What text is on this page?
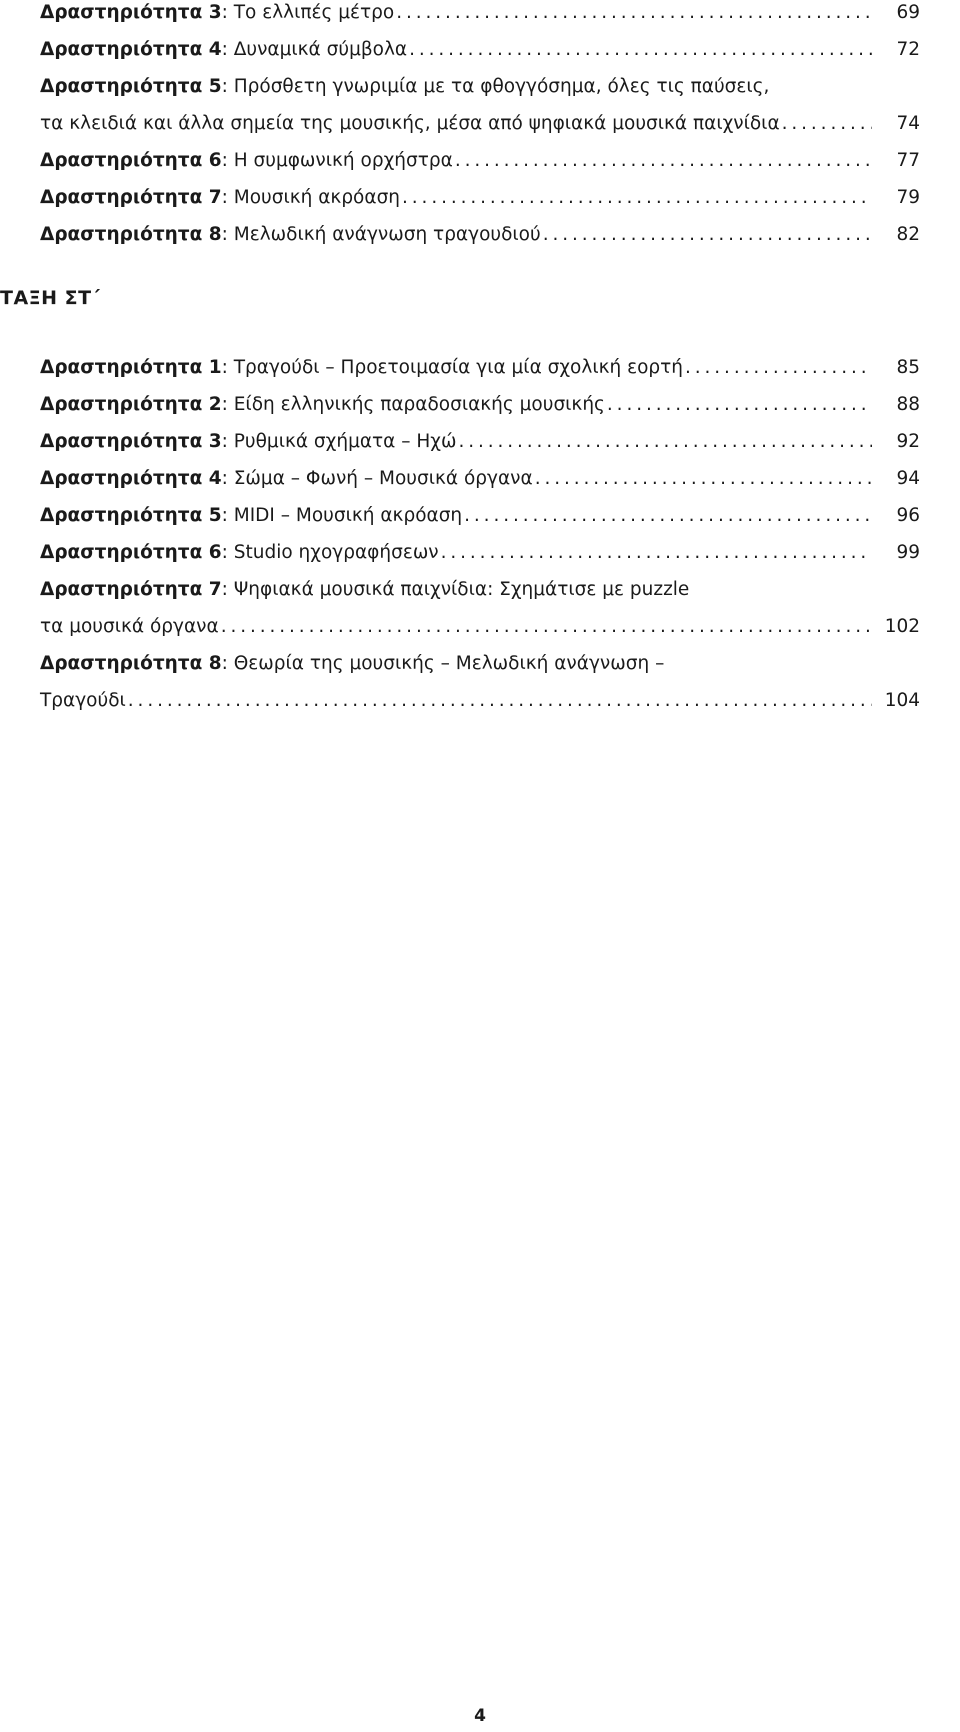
Δραστηριότητα 3: Το ελλιπές μέτρο . . .	69
Δραστηριότητα 4: Δυναμικά σύμβολα . . .	72
Δραστηριότητα 5: Πρόσθετη γνωριμία με τα φθογγόσημα, όλες τις παύσεις,
τα κλειδιά και άλλα σημεία της μουσικής, μέσα από ψηφιακά μουσικά παιχνίδια . . .	74
Δραστηριότητα 6: Η συμφωνική ορχήστρα . . .	77
Δραστηριότητα 7: Μουσική ακρόαση . . .	79
Δραστηριότητα 8: Μελωδική ανάγνωση τραγουδιού . . .	82
ΤΑΞΗ ΣΤ΄
Δραστηριότητα 1: Τραγούδι – Προετοιμασία για μία σχολική εορτή . . .	85
Δραστηριότητα 2: Είδη ελληνικής παραδοσιακής μουσικής . . .	88
Δραστηριότητα 3: Ρυθμικά σχήματα – Ηχώ . . .	92
Δραστηριότητα 4: Σώμα – Φωνή – Μουσικά όργανα . . .	94
Δραστηριότητα 5: MIDI – Μουσική ακρόαση . . .	96
Δραστηριότητα 6: Studio ηχογραφήσεων . . .	99
Δραστηριότητα 7: Ψηφιακά μουσικά παιχνίδια: Σχημάτισε με puzzle
τα μουσικά όργανα . . .	102
Δραστηριότητα 8: Θεωρία της μουσικής – Μελωδική ανάγνωση –
Τραγούδι . . .	104
4
